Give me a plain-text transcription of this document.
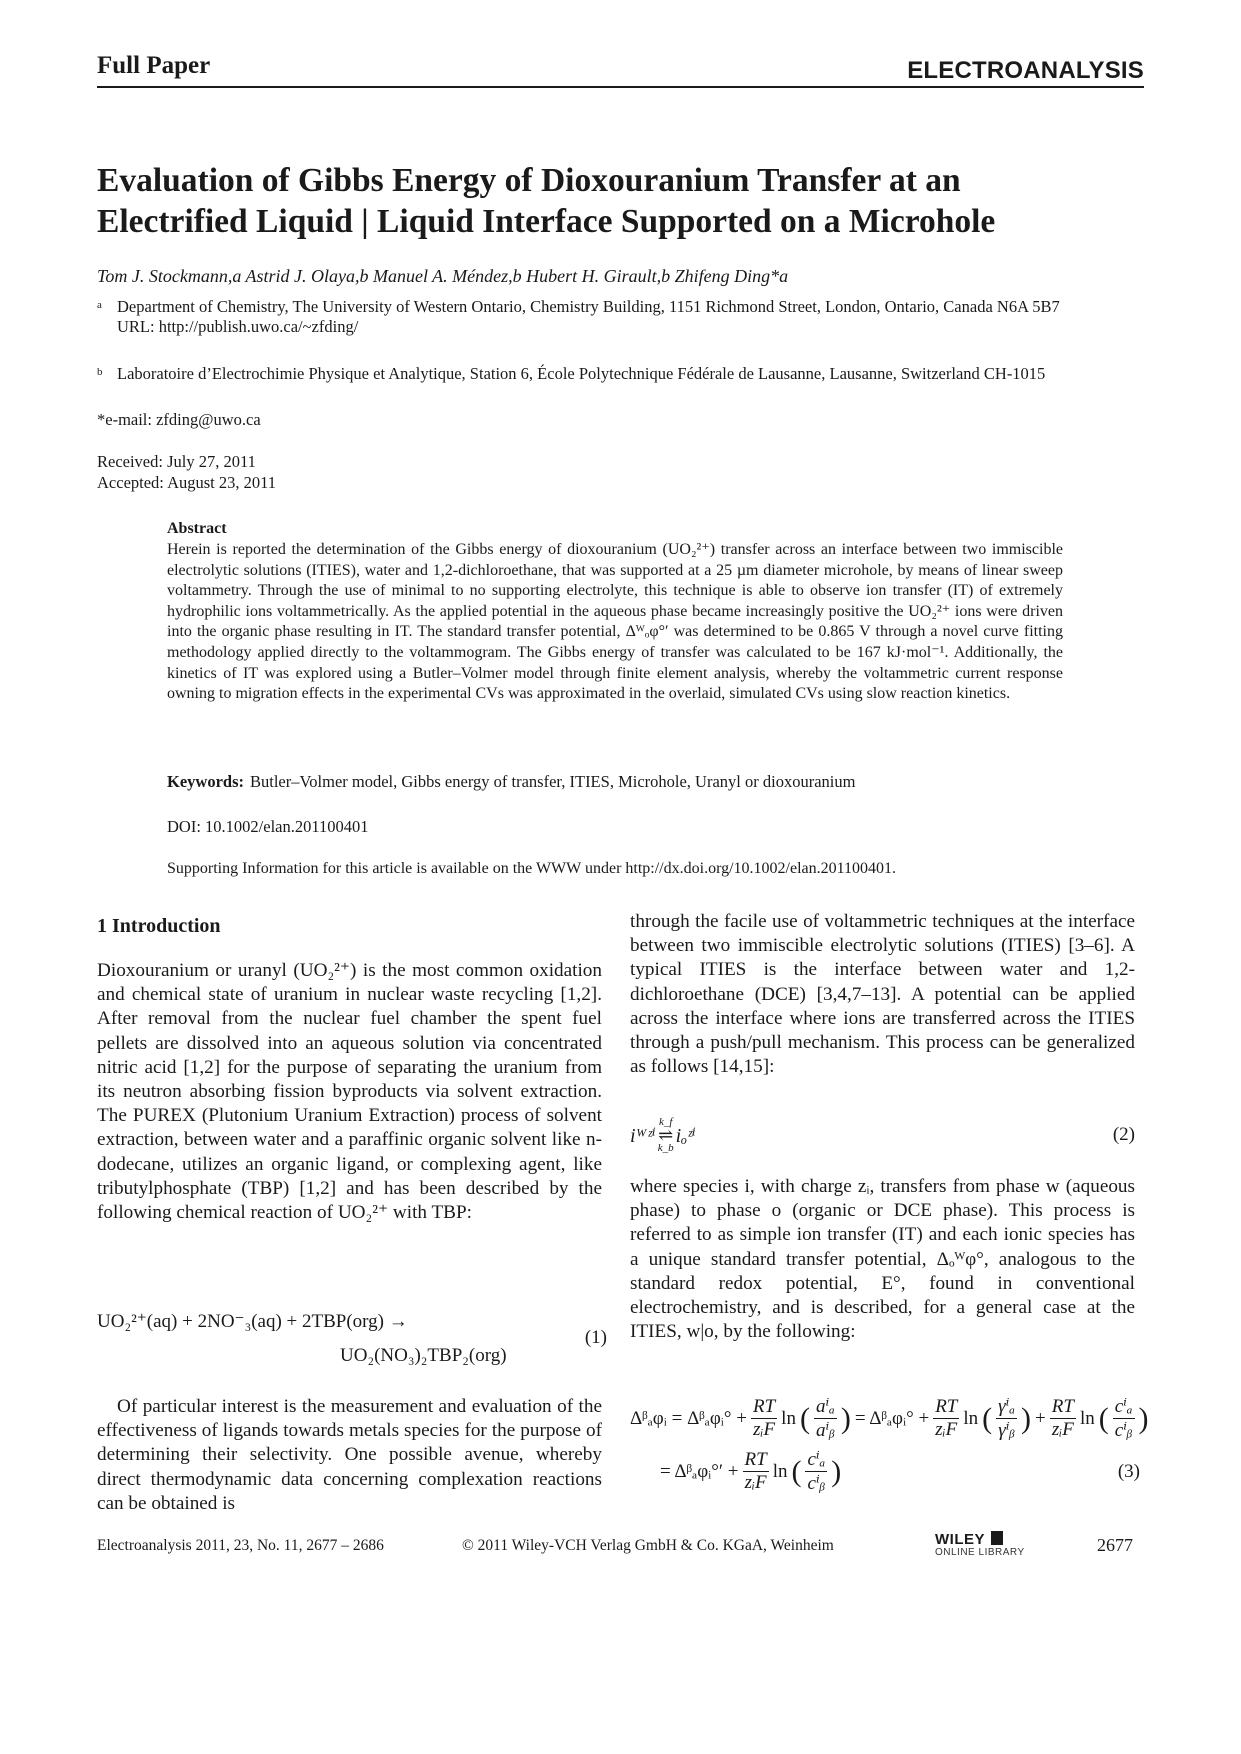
Full Paper	ELECTROANALYSIS
Evaluation of Gibbs Energy of Dioxouranium Transfer at an
Electrified Liquid | Liquid Interface Supported on a Microhole
Tom J. Stockmann,a Astrid J. Olaya,b Manuel A. Méndez,b Hubert H. Girault,b Zhifeng Ding*a
a Department of Chemistry, The University of Western Ontario, Chemistry Building, 1151 Richmond Street, London, Ontario, Canada N6A 5B7
URL: http://publish.uwo.ca/~zfding/
b Laboratoire d’Electrochimie Physique et Analytique, Station 6, École Polytechnique Fédérale de Lausanne, Lausanne, Switzerland CH-1015
*e-mail: zfding@uwo.ca
Received: July 27, 2011
Accepted: August 23, 2011
Abstract
Herein is reported the determination of the Gibbs energy of dioxouranium (UO₂²⁺) transfer across an interface between two immiscible electrolytic solutions (ITIES), water and 1,2-dichloroethane, that was supported at a 25 µm diameter microhole, by means of linear sweep voltammetry. Through the use of minimal to no supporting electrolyte, this technique is able to observe ion transfer (IT) of extremely hydrophilic ions voltammetrically. As the applied potential in the aqueous phase became increasingly positive the UO₂²⁺ ions were driven into the organic phase resulting in IT. The standard transfer potential, Δᵂₒφ°′ was determined to be 0.865 V through a novel curve fitting methodology applied directly to the voltammogram. The Gibbs energy of transfer was calculated to be 167 kJ·mol⁻¹. Additionally, the kinetics of IT was explored using a Butler–Volmer model through finite element analysis, whereby the voltammetric current response owning to migration effects in the experimental CVs was approximated in the overlaid, simulated CVs using slow reaction kinetics.
Keywords: Butler–Volmer model, Gibbs energy of transfer, ITIES, Microhole, Uranyl or dioxouranium
DOI: 10.1002/elan.201100401
Supporting Information for this article is available on the WWW under http://dx.doi.org/10.1002/elan.201100401.
1 Introduction

Dioxouranium or uranyl (UO₂²⁺) is the most common oxidation and chemical state of uranium in nuclear waste recycling [1,2]. After removal from the nuclear fuel chamber the spent fuel pellets are dissolved into an aqueous solution via concentrated nitric acid [1,2] for the purpose of separating the uranium from its neutron absorbing fission byproducts via solvent extraction. The PUREX (Plutonium Uranium Extraction) process of solvent extraction, between water and a paraffinic organic solvent like n-dodecane, utilizes an organic ligand, or complexing agent, like tributylphosphate (TBP) [1,2] and has been described by the following chemical reaction of UO₂²⁺ with TBP:

UO₂²⁺(aq) + 2NO⁻₃(aq) + 2TBP(org) →
UO₂(NO₃)₂TBP₂(org)
(1)

Of particular interest is the measurement and evaluation of the effectiveness of ligands towards metals species for the purpose of determining their selectivity. One possible avenue, whereby direct thermodynamic data concerning complexation reactions can be obtained is

through the facile use of voltammetric techniques at the interface between two immiscible electrolytic solutions (ITIES) [3–6]. A typical ITIES is the interface between water and 1,2-dichloroethane (DCE) [3,4,7–13]. A potential can be applied across the interface where ions are transferred across the ITIES through a push/pull mechanism. This process can be generalized as follows [14,15]:

iᵂᶻⁱ
k_f
⇌
k_b
iₒᶻⁱ	(2)

where species i, with charge zᵢ, transfers from phase w (aqueous phase) to phase o (organic or DCE phase). This process is referred to as simple ion transfer (IT) and each ionic species has a unique standard transfer potential, Δₒᵂφ°, analogous to the standard redox potential, E°, found in conventional electrochemistry, and is described, for a general case at the ITIES, w|o, by the following:

Δᵝₐφᵢ = Δᵝₐφᵢ° + $\frac{RT}{\text{zᵢF}}$ ln ( $\frac{\text{aⁱₐ}}{\text{aⁱᵦ}}$ ) = Δᵝₐφᵢ° + $\frac{RT}{\text{zᵢF}}$ ln ( $\frac{\text{γⁱₐ}}{\text{γⁱᵦ}}$ ) + $\frac{RT}{\text{zᵢF}}$ ln ( $\frac{\text{cⁱₐ}}{\text{cⁱᵦ}}$ )
= Δᵝₐφᵢ°′ + $\frac{RT}{\text{zᵢF}}$ ln ( $\frac{\text{cⁱₐ}}{\text{cⁱᵦ}}$ )	(3)
Electroanalysis 2011, 23, No. 11, 2677 – 2686	© 2011 Wiley-VCH Verlag GmbH & Co. KGaA, Weinheim	WILEY
ONLINE LIBRARY	2677
